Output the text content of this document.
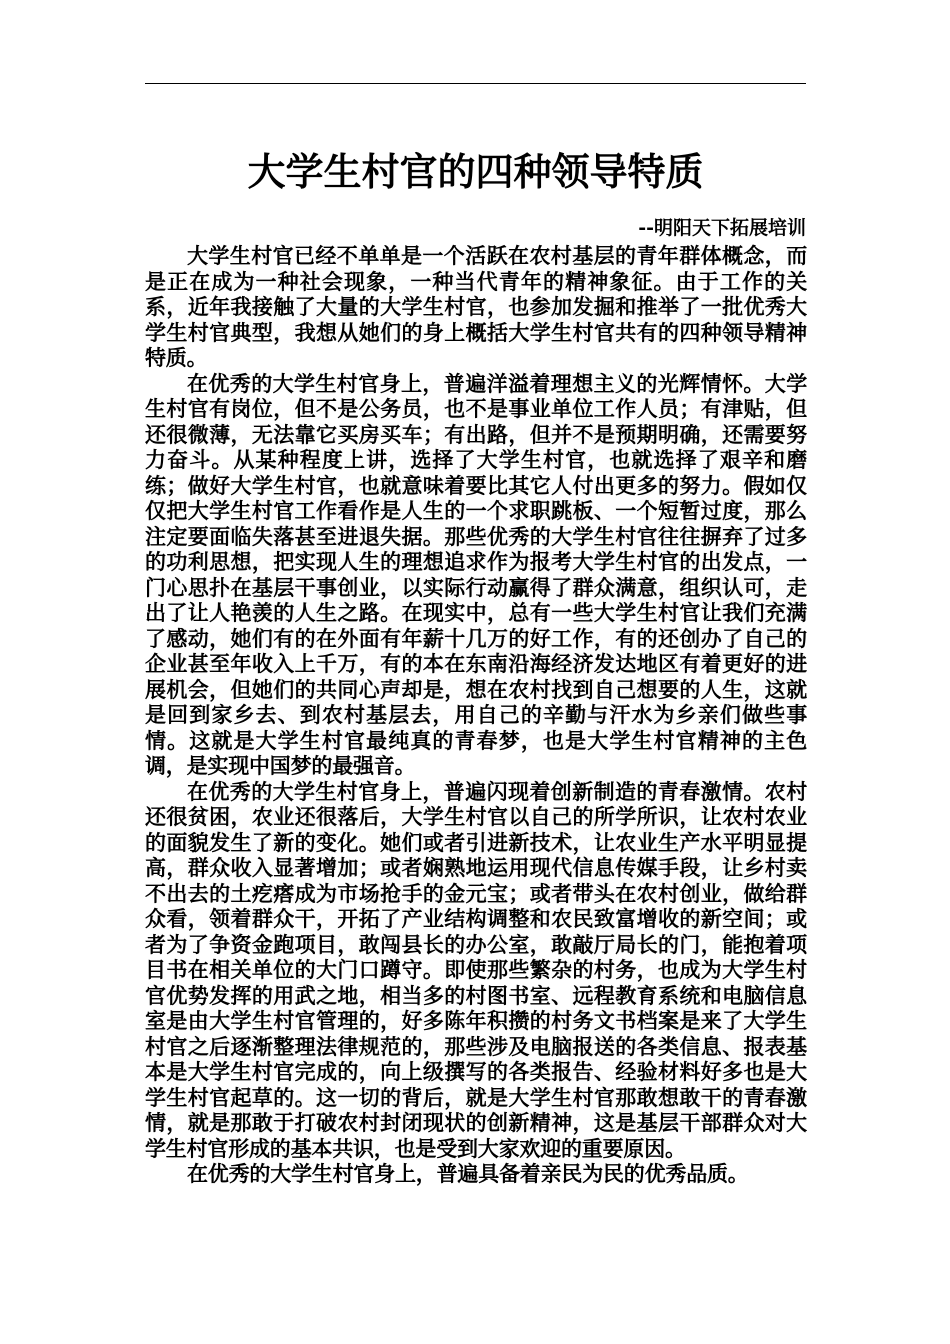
大学生村官的四种领导特质
--明阳天下拓展培训

大学生村官已经不单单是一个活跃在农村基层的青年群体概念，而是正在成为一种社会现象，一种当代青年的精神象征。由于工作的关系，近年我接触了大量的大学生村官，也参加发掘和推举了一批优秀大学生村官典型，我想从她们的身上概括大学生村官共有的四种领导精神特质。

在优秀的大学生村官身上，普遍洋溢着理想主义的光辉情怀。大学生村官有岗位，但不是公务员，也不是事业单位工作人员；有津贴，但还很微薄，无法靠它买房买车；有出路，但并不是预期明确，还需要努力奋斗。从某种程度上讲，选择了大学生村官，也就选择了艰辛和磨练；做好大学生村官，也就意味着要比其它人付出更多的努力。假如仅仅把大学生村官工作看作是人生的一个求职跳板、一个短暂过度，那么注定要面临失落甚至进退失据。那些优秀的大学生村官往往摒弃了过多的功利思想，把实现人生的理想追求作为报考大学生村官的出发点，一门心思扑在基层干事创业，以实际行动赢得了群众满意，组织认可，走出了让人艳羡的人生之路。在现实中，总有一些大学生村官让我们充满了感动，她们有的在外面有年薪十几万的好工作，有的还创办了自己的企业甚至年收入上千万，有的本在东南沿海经济发达地区有着更好的进展机会，但她们的共同心声却是，想在农村找到自己想要的人生，这就是回到家乡去、到农村基层去，用自己的辛勤与汗水为乡亲们做些事情。这就是大学生村官最纯真的青春梦，也是大学生村官精神的主色调，是实现中国梦的最强音。

在优秀的大学生村官身上，普遍闪现着创新制造的青春激情。农村还很贫困，农业还很落后，大学生村官以自己的所学所识，让农村农业的面貌发生了新的变化。她们或者引进新技术，让农业生产水平明显提高，群众收入显著增加；或者娴熟地运用现代信息传媒手段，让乡村卖不出去的土疙瘩成为市场抢手的金元宝；或者带头在农村创业，做给群众看，领着群众干，开拓了产业结构调整和农民致富增收的新空间；或者为了争资金跑项目，敢闯县长的办公室，敢敲厅局长的门，能抱着项目书在相关单位的大门口蹲守。即使那些繁杂的村务，也成为大学生村官优势发挥的用武之地，相当多的村图书室、远程教育系统和电脑信息室是由大学生村官管理的，好多陈年积攒的村务文书档案是来了大学生村官之后逐渐整理法律规范的，那些涉及电脑报送的各类信息、报表基本是大学生村官完成的，向上级撰写的各类报告、经验材料好多也是大学生村官起草的。这一切的背后，就是大学生村官那敢想敢干的青春激情，就是那敢于打破农村封闭现状的创新精神，这是基层干部群众对大学生村官形成的基本共识，也是受到大家欢迎的重要原因。

在优秀的大学生村官身上，普遍具备着亲民为民的优秀品质。
